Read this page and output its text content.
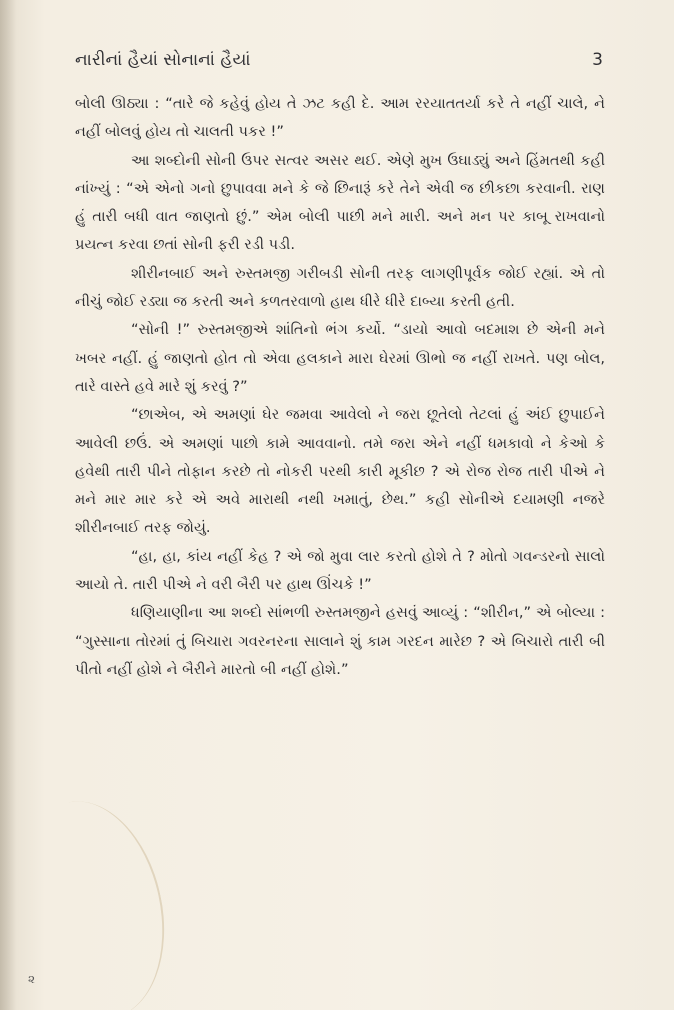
નારીનાં હૈયાં સોનાનાં હૈયાં	3

બોલી ઊઠ્યા : “તારે જે કહેવું હોય તે ઝટ કહી દે. આમ રરયાતતર્યા કરે તે નહીં ચાલે, ને નહીં બોલવું હોય તો ચાલતી પકર !”

આ શબ્દોની સોની ઉપર સત્વર અસર થઈ. એણે મુખ ઉઘાડ્યું અને હિંમતથી કહી નાંખ્યું : “એ એનો ગનો છુપાવવા મને કે જે છિનારૂં કરે તેને એવી જ છીકછા કરવાની. રાણ હું તારી બધી વાત જાણતો છું.” એમ બોલી પાછી મને મારી. અને મન પર કાબૂ રાખવાનો પ્રયત્ન કરવા છતાં સોની ફરી રડી પડી.

શીરીનબાઈ અને રુસ્તમજી ગરીબડી સોની તરફ લાગણીપૂર્વક જોઈ રહ્યાં. એ તો નીચું જોઈ રડ્યા જ કરતી અને કળતરવાળો હાથ ધીરે ધીરે દાબ્યા કરતી હતી.

“સોની !” રુસ્તમજીએ શાંતિનો ભંગ કર્યો. “ડાયો આવો બદમાશ છે એની મને ખબર નહીં. હું જાણતો હોત તો એવા હલકાને મારા ઘેરમાં ઊભો જ નહીં રાખતે. પણ બોલ, તારે વાસ્તે હવે મારે શું કરવું ?”

“છાએબ, એ અમણાં ઘેર જમવા આવેલો ને જરા છૂતેલો તેટલાં હું અંઈ છુપાઈને આવેલી છઉં. એ અમણાં પાછો કામે આવવાનો. તમે જરા એને નહીં ધમકાવો ને કેઓ કે હવેથી તારી પીને તોફાન કરછે તો નોકરી પરથી કારી મૂકીછ ? એ રોજ રોજ તારી પીએ ને મને માર માર કરે એ અવે મારાથી નથી ખમાતું, છેથ.” કહી સોનીએ દયામણી નજરે શીરીનબાઈ તરફ જોયું.

“હા, હા, કાંય નહીં કેહ ? એ જો મુવા લાર કરતો હોશે તે ? મોતો ગવન્ડરનો સાલો આયો તે. તારી પીએ ને વરી બૈરી પર હાથ ઊંચકે !”

ધણિયાણીના આ શબ્દો સાંભળી રુસ્તમજીને હસવું આવ્યું : “શીરીન,” એ બોલ્યા : “ગુસ્સાના તોરમાં તું બિચારા ગવરનરના સાલાને શું કામ ગરદન મારેછ ? એ બિચારો તારી બી પીતો નહીં હોશે ને બૈરીને મારતો બી નહીં હોશે.”

૨
